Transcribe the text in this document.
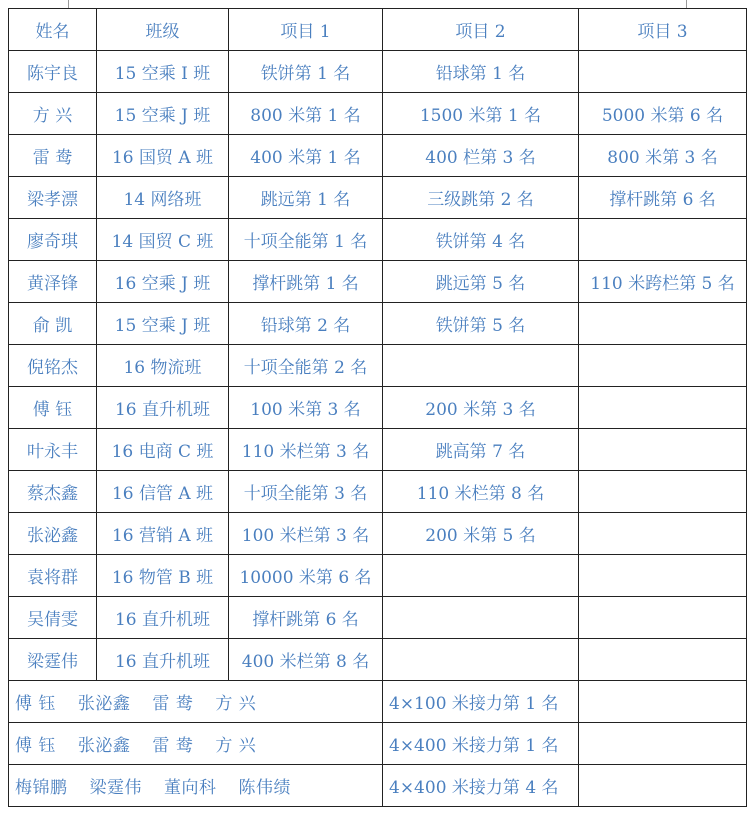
姓名	班级	项目 1	项目 2	项目 3
陈宇良	15 空乘 I 班	铁饼第 1 名	铅球第 1 名	
方 兴	15 空乘 J 班	800 米第 1 名	1500 米第 1 名	5000 米第 6 名
雷 鸯	16 国贸 A 班	400 米第 1 名	400 栏第 3 名	800 米第 3 名
梁孝漂	14 网络班	跳远第 1 名	三级跳第 2 名	撑杆跳第 6 名
廖奇琪	14 国贸 C 班	十项全能第 1 名	铁饼第 4 名	
黄泽锋	16 空乘 J 班	撑杆跳第 1 名	跳远第 5 名	110 米跨栏第 5 名
俞 凯	15 空乘 J 班	铅球第 2 名	铁饼第 5 名	
倪铭杰	16 物流班	十项全能第 2 名		
傅 钰	16 直升机班	100 米第 3 名	200 米第 3 名	
叶永丰	16 电商 C 班	110 米栏第 3 名	跳高第 7 名	
蔡杰鑫	16 信管 A 班	十项全能第 3 名	110 米栏第 8 名	
张泌鑫	16 营销 A 班	100 米栏第 3 名	200 米第 5 名	
袁将群	16 物管 B 班	10000 米第 6 名		
吴倩雯	16 直升机班	撑杆跳第 6 名		
梁霆伟	16 直升机班	400 米栏第 8 名		
傅 钰 张泌鑫 雷 鸯 方 兴			4×100 米接力第 1 名	
傅 钰 张泌鑫 雷 鸯 方 兴			4×400 米接力第 1 名	
梅锦鹏 梁霆伟 董向科 陈伟绩			4×400 米接力第 4 名	
